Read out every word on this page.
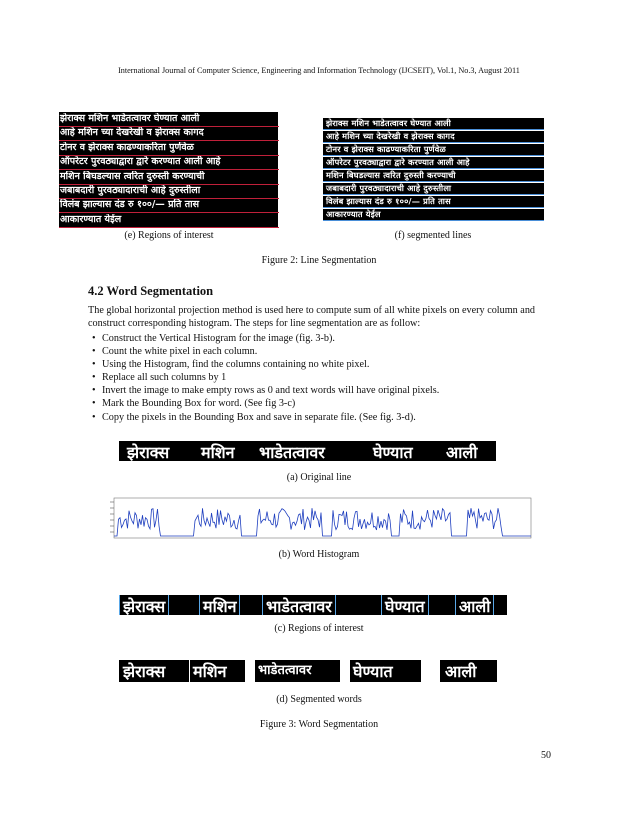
International Journal of Computer Science, Engineering and Information Technology (IJCSEIT), Vol.1, No.3, August 2011
झेराक्स मशिन भाडेतत्वावर घेण्यात आली
आहे मशिन च्या देखरेखी व झेराक्स कागद
टोनर व झेराक्स काढण्याकरिता पुर्णवेळ
ऑपरेटर पुरवठ्याद्वारा द्वारे करण्यात आली आहे
मशिन बिघडल्यास त्वरित दुरुस्ती करण्याची
जबाबदारी पुरवठ्यादाराची आहे दुरुस्तीला
विलंब झाल्यास दंड रु १००/— प्रति तास
आकारण्यात येईल
झेराक्स मशिन भाडेतत्वावर घेण्यात आली
आहे मशिन च्या देखरेखी व झेराक्स कागद
टोनर व झेराक्स काढण्याकरिता पुर्णवेळ
ऑपरेटर पुरवठ्याद्वारा द्वारे करण्यात आली आहे
मशिन बिघडल्यास त्वरित दुरुस्ती करण्याची
जबाबदारी पुरवठ्यादाराची आहे दुरुस्तीला
विलंब झाल्यास दंड रु १००/— प्रति तास
आकारण्यात येईल
(e) Regions of interest	(f) segmented lines
Figure 2: Line Segmentation
4.2 Word Segmentation
The global horizontal projection method is used here to compute sum of all white pixels on every column and construct corresponding histogram. The steps for line segmentation are as follow:
• Construct the Vertical Histogram for the image (fig. 3-b).
• Count the white pixel in each column.
• Using the Histogram, find the columns containing no white pixel.
• Replace all such columns by 1
• Invert the image to make empty rows as 0 and text words will have original pixels.
• Mark the Bounding Box for word. (See fig 3-c)
• Copy the pixels in the Bounding Box and save in separate file. (See fig. 3-d).
झेराक्स मशिन भाडेतत्वावर	घेण्यात आली
(a) Original line
(b) Word Histogram
झेराक्स मशिन भाडेतत्वावर	घेण्यात आली
(c) Regions of interest
झेराक्स	मशिन	भाडेतत्वावर	घेण्यात	आली
(d) Segmented words
Figure 3: Word Segmentation
50
